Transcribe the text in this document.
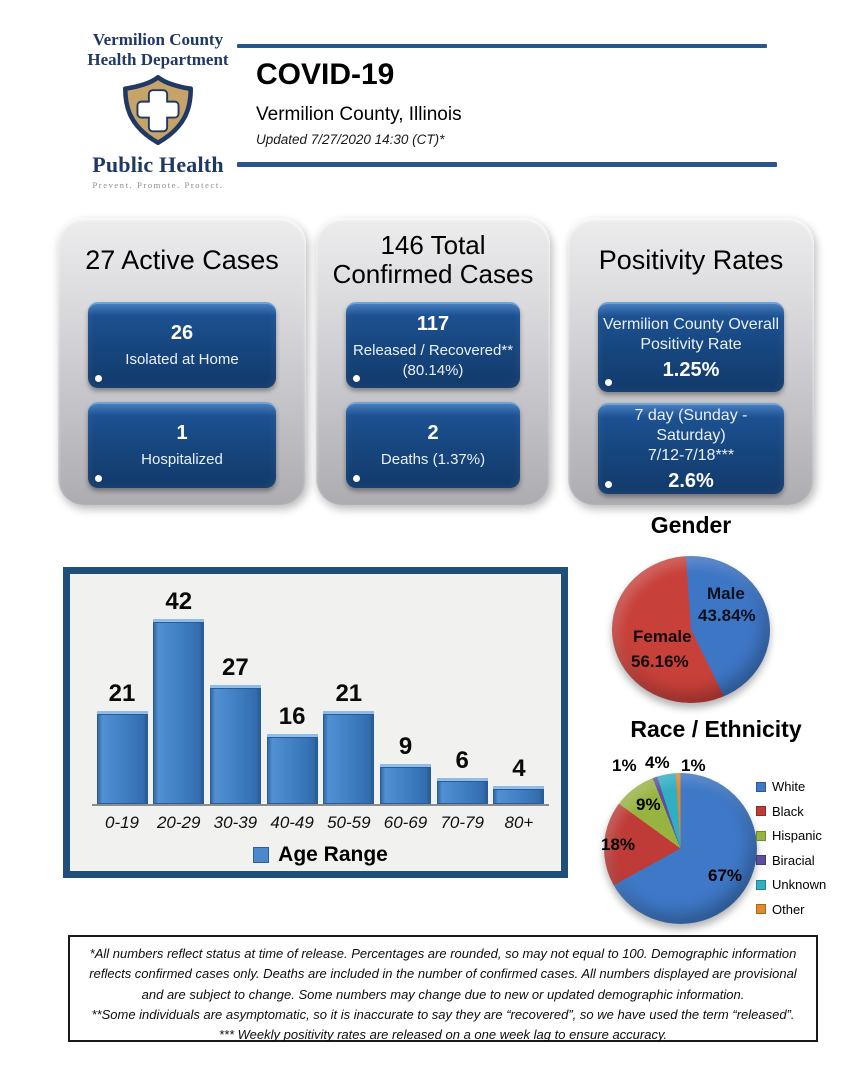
Vermilion County
Health Department
Public Health
Prevent. Promote. Protect.
COVID-19
Vermilion County, Illinois
Updated 7/27/2020 14:30 (CT)*
27 Active Cases
26
Isolated at Home
1
Hospitalized
146 Total Confirmed Cases
117
Released / Recovered**
(80.14%)
2
Deaths (1.37%)
Positivity Rates
Vermilion County Overall
Positivity Rate
1.25%
7 day (Sunday - Saturday)
7/12-7/18***
2.6%
21
42
27
16
21
9
6 4
0-19	20-29 30-39 40-49 50-59 60-69 70-79	80+
Age Range
Gender
Male
43.84%
Female
56.16%
Race / Ethnicity
67%
18%
9%
1% 4% 1%
White
Black
Hispanic
Biracial
Unknown
Other

*All numbers reflect status at time of release. Percentages are rounded, so may not equal to 100. Demographic information reflects confirmed cases only. Deaths are included in the number of confirmed cases. All numbers displayed are provisional and are subject to change. Some numbers may change due to new or updated demographic information.

**Some individuals are asymptomatic, so it is inaccurate to say they are “recovered”, so we have used the term “released”.

*** Weekly positivity rates are released on a one week lag to ensure accuracy.
